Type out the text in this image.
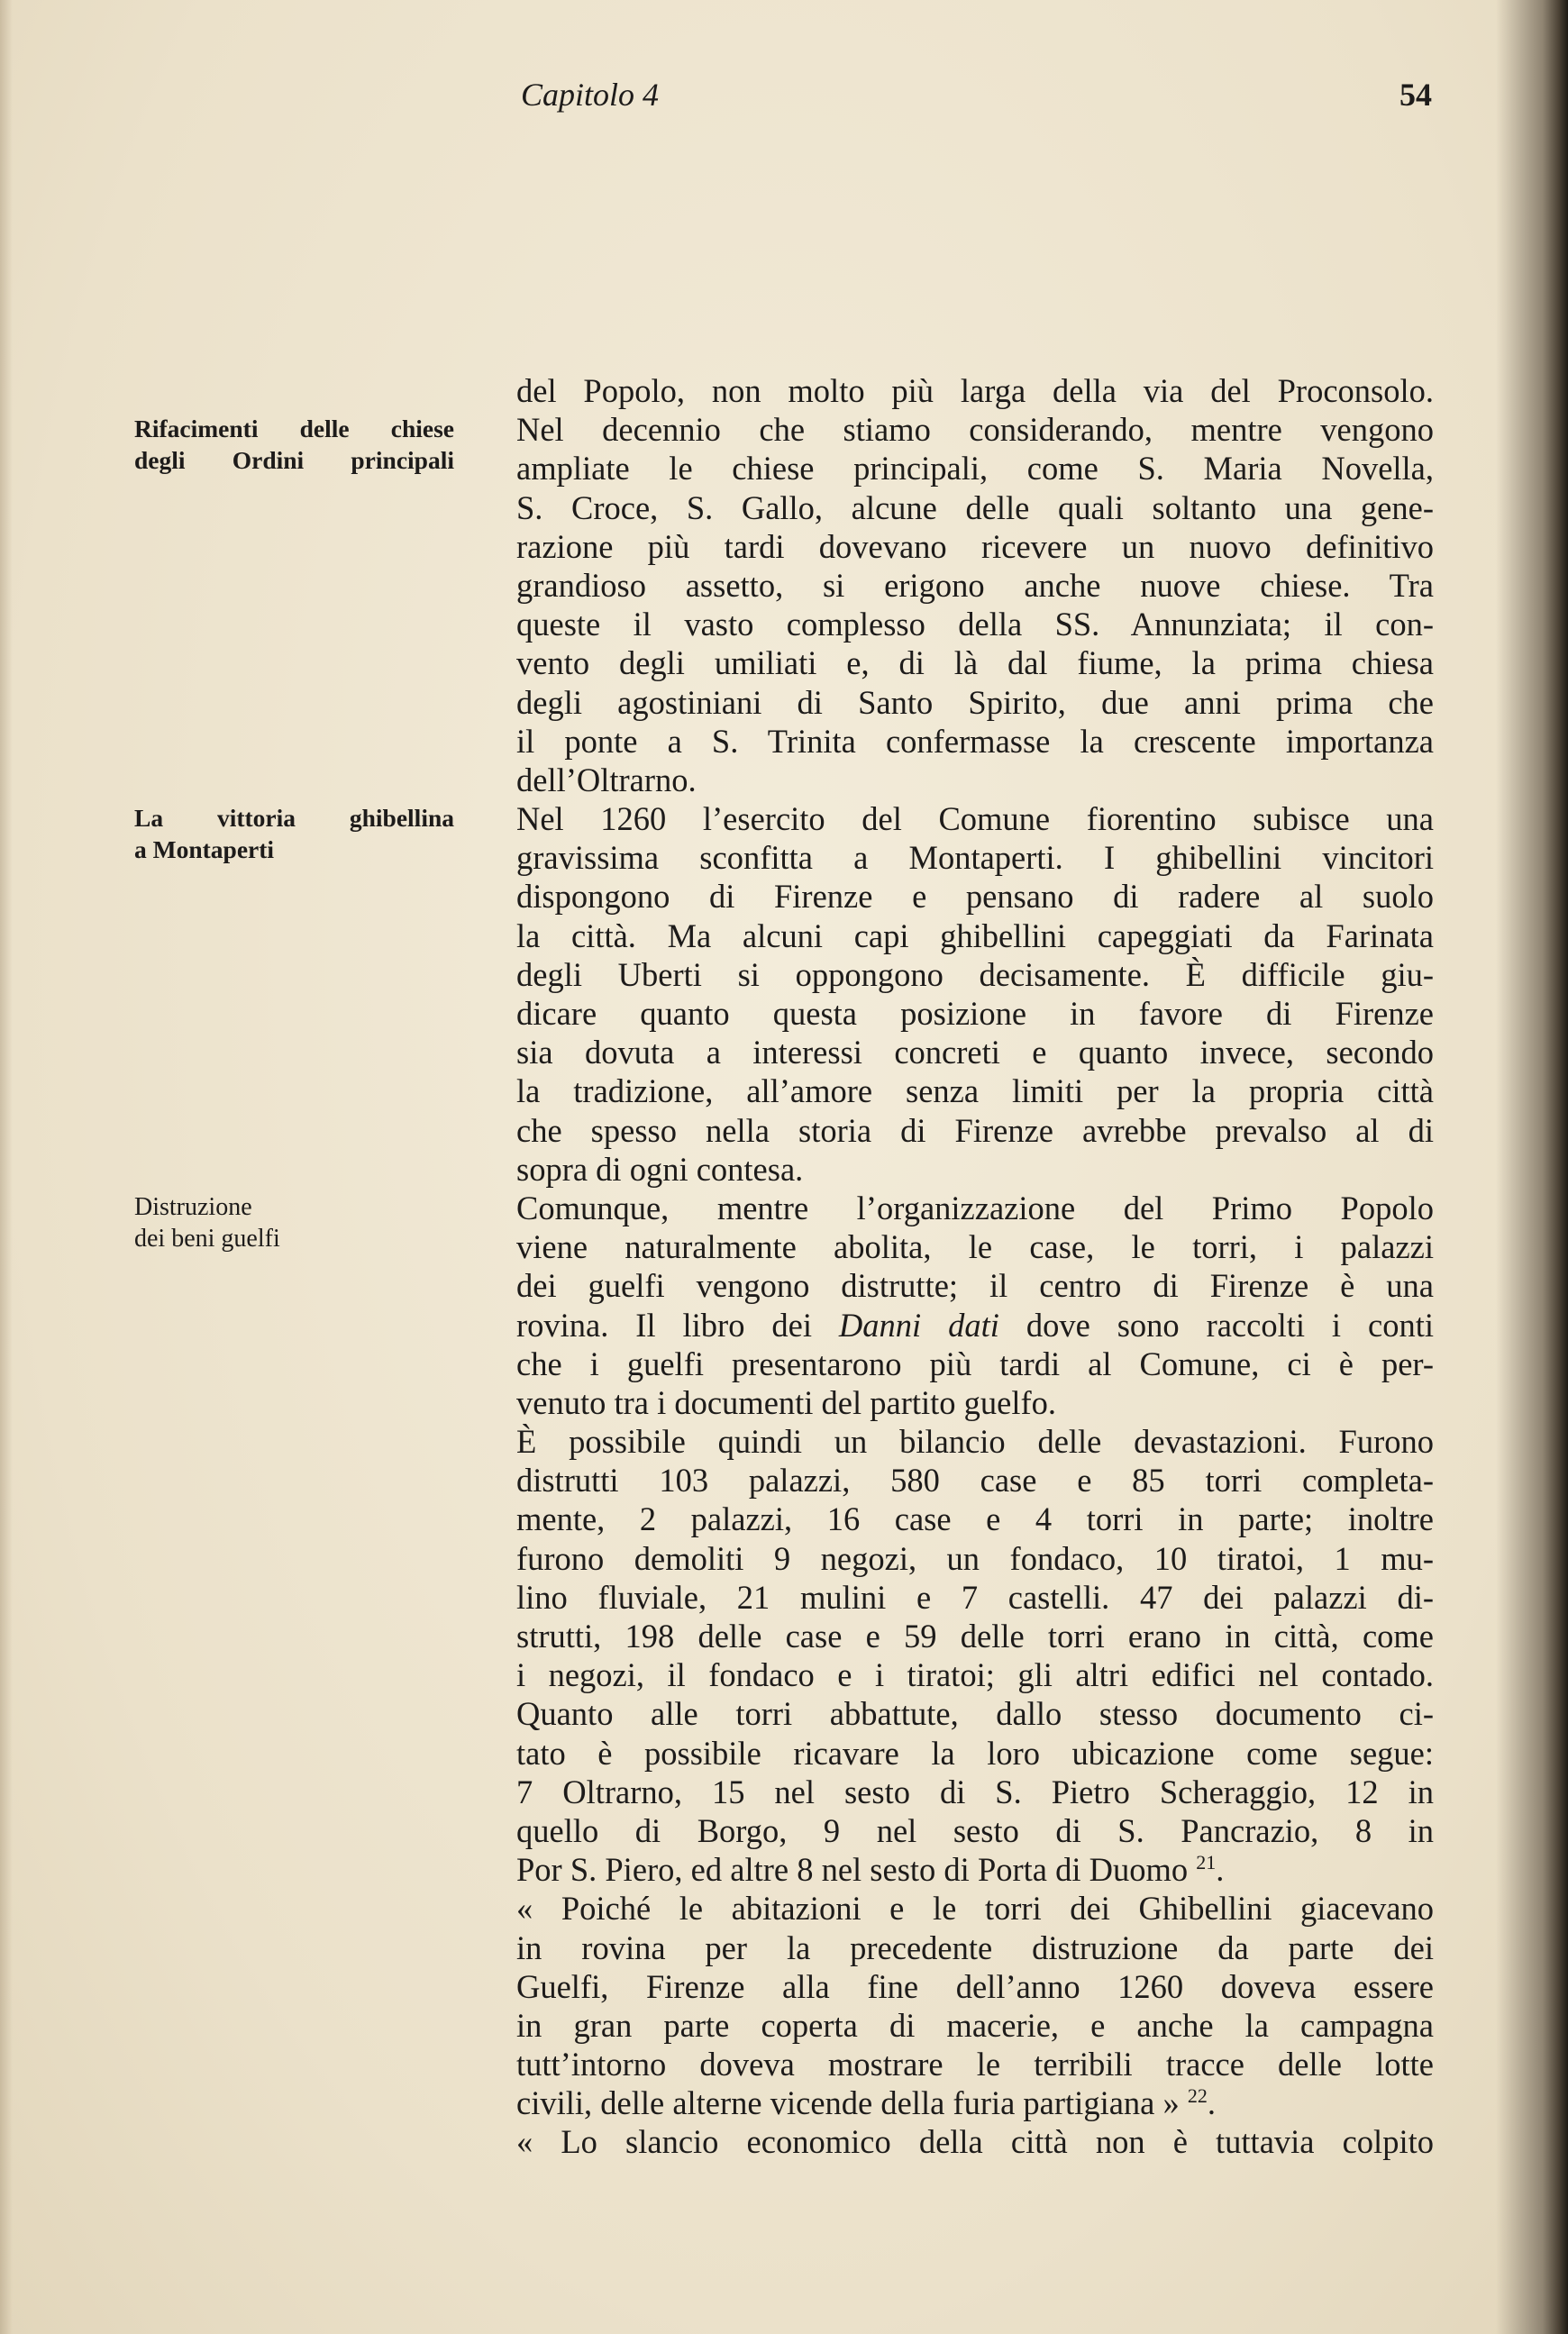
Capitolo 4	54
Rifacimenti delle chiese
degli Ordini principali
La vittoria ghibellina
a Montaperti
Distruzione
dei beni guelfi
del Popolo, non molto più larga della via del Proconsolo.
Nel decennio che stiamo considerando, mentre vengono
ampliate le chiese principali, come S. Maria Novella,
S. Croce, S. Gallo, alcune delle quali soltanto una gene-
razione più tardi dovevano ricevere un nuovo definitivo
grandioso assetto, si erigono anche nuove chiese. Tra
queste il vasto complesso della SS. Annunziata; il con-
vento degli umiliati e, di là dal fiume, la prima chiesa
degli agostiniani di Santo Spirito, due anni prima che
il ponte a S. Trinita confermasse la crescente importanza
dell’Oltrarno.
Nel 1260 l’esercito del Comune fiorentino subisce una
gravissima sconfitta a Montaperti. I ghibellini vincitori
dispongono di Firenze e pensano di radere al suolo
la città. Ma alcuni capi ghibellini capeggiati da Farinata
degli Uberti si oppongono decisamente. È difficile giu-
dicare quanto questa posizione in favore di Firenze
sia dovuta a interessi concreti e quanto invece, secondo
la tradizione, all’amore senza limiti per la propria città
che spesso nella storia di Firenze avrebbe prevalso al di
sopra di ogni contesa.
Comunque, mentre l’organizzazione del Primo Popolo
viene naturalmente abolita, le case, le torri, i palazzi
dei guelfi vengono distrutte; il centro di Firenze è una
rovina. Il libro dei Danni dati dove sono raccolti i conti
che i guelfi presentarono più tardi al Comune, ci è per-
venuto tra i documenti del partito guelfo.
È possibile quindi un bilancio delle devastazioni. Furono
distrutti 103 palazzi, 580 case e 85 torri completa-
mente, 2 palazzi, 16 case e 4 torri in parte; inoltre
furono demoliti 9 negozi, un fondaco, 10 tiratoi, 1 mu-
lino fluviale, 21 mulini e 7 castelli. 47 dei palazzi di-
strutti, 198 delle case e 59 delle torri erano in città, come
i negozi, il fondaco e i tiratoi; gli altri edifici nel contado.
Quanto alle torri abbattute, dallo stesso documento ci-
tato è possibile ricavare la loro ubicazione come segue:
7 Oltrarno, 15 nel sesto di S. Pietro Scheraggio, 12 in
quello di Borgo, 9 nel sesto di S. Pancrazio, 8 in
Por S. Piero, ed altre 8 nel sesto di Porta di Duomo $^{21}$.
« Poiché le abitazioni e le torri dei Ghibellini giacevano
in rovina per la precedente distruzione da parte dei
Guelfi, Firenze alla fine dell’anno 1260 doveva essere
in gran parte coperta di macerie, e anche la campagna
tutt’intorno doveva mostrare le terribili tracce delle lotte
civili, delle alterne vicende della furia partigiana » $^{22}$.
« Lo slancio economico della città non è tuttavia colpito
